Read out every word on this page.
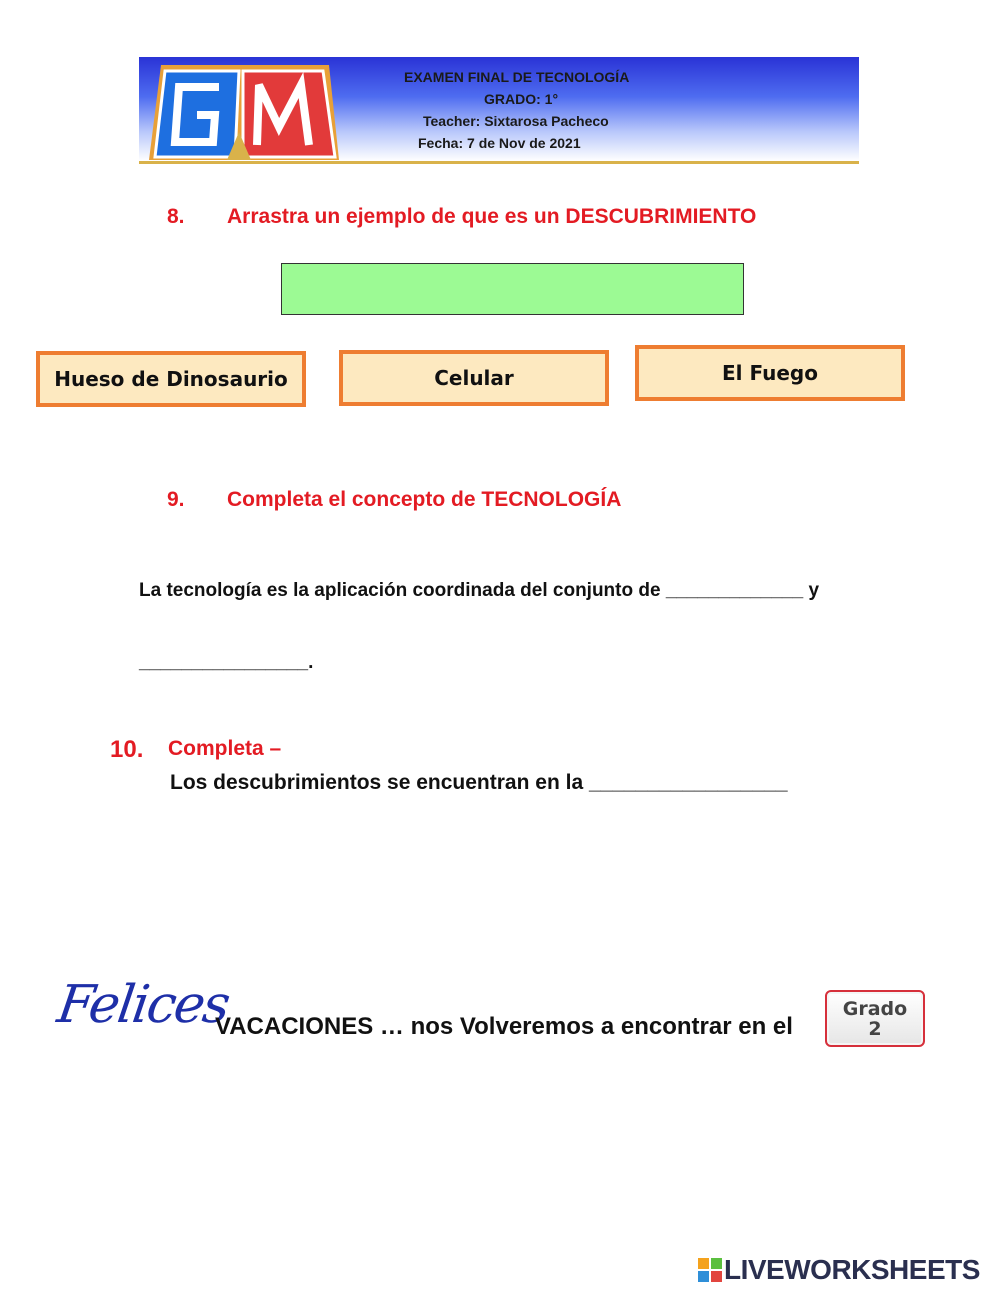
EXAMEN FINAL DE TECNOLOGÍA
GRADO: 1°
Teacher: Sixtarosa Pacheco
Fecha: 7 de Nov de 2021
8. Arrastra un ejemplo de que es un DESCUBRIMIENTO
Hueso de Dinosaurio	Celular	El Fuego
9. Completa el concepto de TECNOLOGÍA
La tecnología es la aplicación coordinada del conjunto de _____________ y
________________.
10. Completa –
Los descubrimientos se encuentran en la _________________
Felices
VACACIONES … nos Volveremos a encontrar en el
Grado
2
LIVEWORKSHEETS
